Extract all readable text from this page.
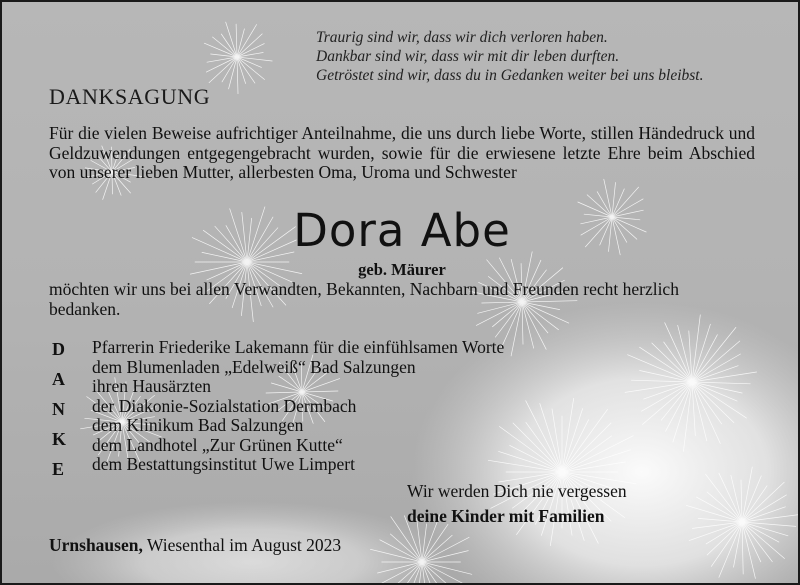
Traurig sind wir, dass wir dich verloren haben.
Dankbar sind wir, dass wir mit dir leben durften.
Getröstet sind wir, dass du in Gedanken weiter bei uns bleibst.
DANKSAGUNG

Für die vielen Beweise aufrichtiger Anteilnahme, die uns durch liebe Worte, stillen Händedruck und Geldzuwendungen entgegengebracht wurden, sowie für die erwiesene letzte Ehre beim Abschied von unserer lieben Mutter, allerbesten Oma, Uroma und Schwester

Dora Abe
geb. Mäurer

möchten wir uns bei allen Verwandten, Bekannten, Nachbarn und Freunden recht herzlich bedanken.

D
A
N
K
E
Pfarrerin Friederike Lakemann für die einfühlsamen Worte
dem Blumenladen „Edelweiß“ Bad Salzungen
ihren Hausärzten
der Diakonie-Sozialstation Dermbach
dem Klinikum Bad Salzungen
dem Landhotel „Zur Grünen Kutte“
dem Bestattungsinstitut Uwe Limpert
Wir werden Dich nie vergessen
deine Kinder mit Familien
Urnshausen, Wiesenthal im August 2023
